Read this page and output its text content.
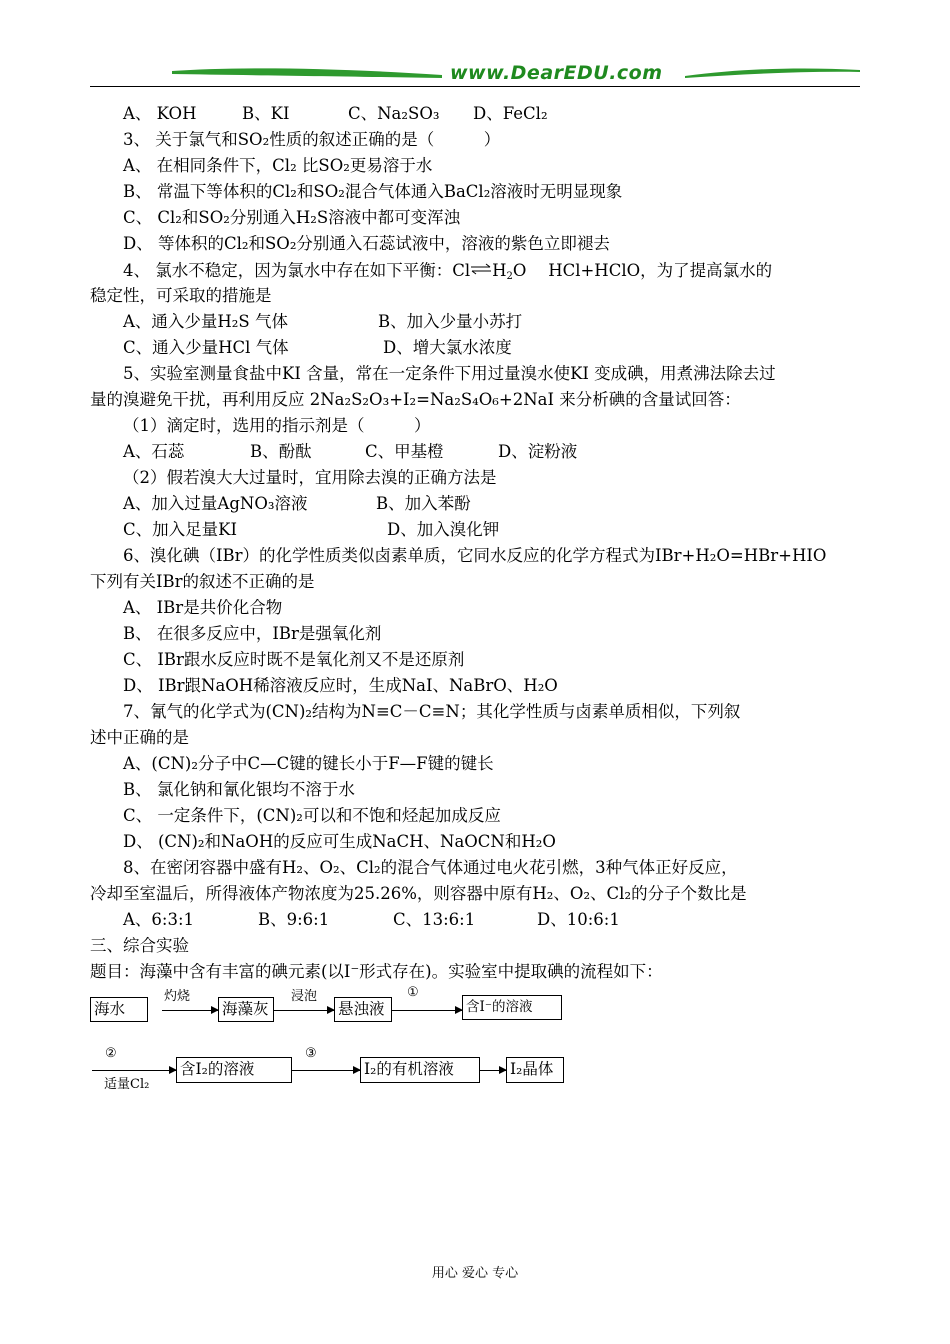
www.DearEDU.com
A、 KOH	B、KI	C、Na₂SO₃ D、FeCl₂
3、 关于氯气和SO₂性质的叙述正确的是（　　　）
A、 在相同条件下，Cl₂ 比SO₂更易溶于水
B、 常温下等体积的Cl₂和SO₂混合气体通入BaCl₂溶液时无明显现象
C、 Cl₂和SO₂分别通入H₂S溶液中都可变浑浊
D、 等体积的Cl₂和SO₂分别通入石蕊试液中，溶液的紫色立即褪去
4、 氯水不稳定，因为氯水中存在如下平衡：$Cl\rightleftharpoons H_2O$　 HCl+HClO，为了提高氯水的
稳定性，可采取的措施是
A、通入少量H₂S 气体	B、加入少量小苏打
C、通入少量HCl 气体	D、增大氯水浓度
5、实验室测量食盐中KI 含量，常在一定条件下用过量溴水使KI 变成碘，用煮沸法除去过
量的溴避免干扰，再利用反应 2Na₂S₂O₃+I₂=Na₂S₄O₆+2NaI 来分析碘的含量试回答：
（1）滴定时，选用的指示剂是（　　　）
A、石蕊	B、酚酞	C、甲基橙	D、淀粉液
（2）假若溴大大过量时，宜用除去溴的正确方法是
A、加入过量AgNO₃溶液	B、加入苯酚
C、加入足量KI	D、加入溴化钾
6、溴化碘（IBr）的化学性质类似卤素单质，它同水反应的化学方程式为IBr+H₂O=HBr+HIO
下列有关IBr的叙述不正确的是
A、 IBr是共价化合物
B、 在很多反应中，IBr是强氧化剂
C、 IBr跟水反应时既不是氧化剂又不是还原剂
D、 IBr跟NaOH稀溶液反应时，生成NaI、NaBrO、H₂O
7、氰气的化学式为(CN)₂结构为N≡C－C≡N；其化学性质与卤素单质相似，下列叙
述中正确的是
A、(CN)₂分子中C—C键的键长小于F—F键的键长
B、 氯化钠和氰化银均不溶于水
C、 一定条件下，(CN)₂可以和不饱和烃起加成反应
D、 (CN)₂和NaOH的反应可生成NaCH、NaOCN和H₂O
8、在密闭容器中盛有H₂、O₂、Cl₂的混合气体通过电火花引燃，3种气体正好反应，
冷却至室温后，所得液体产物浓度为25.26%，则容器中原有H₂、O₂、Cl₂的分子个数比是
A、6:3:1	B、9:6:1	C、13:6:1	D、10:6:1
三、综合实验
题目：海藻中含有丰富的碘元素(以I⁻形式存在)。实验室中提取碘的流程如下：
海水
灼烧
海藻灰
浸泡
悬浊液
①
含I⁻的溶液
②
适量Cl₂
含I₂的溶液
③
I₂的有机溶液	I₂晶体
用心 爱心 专心
